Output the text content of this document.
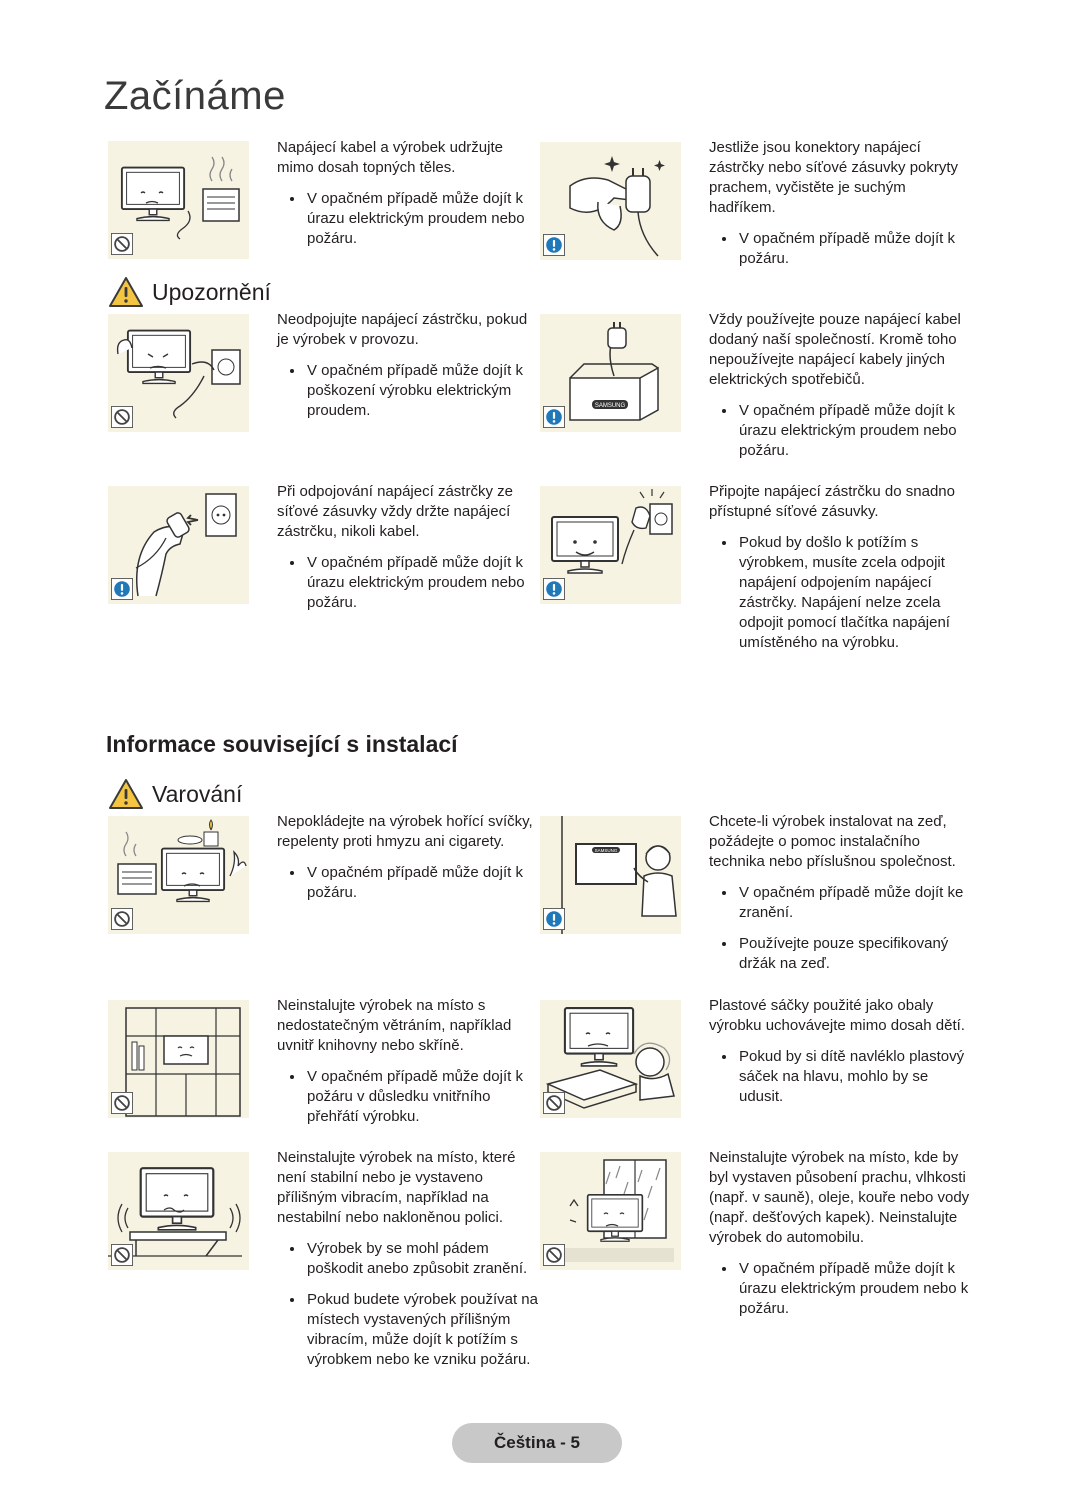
Začínáme

Napájecí kabel a výrobek udržujte mimo dosah topných těles.

• V opačném případě může dojít k úrazu elektrickým proudem nebo požáru.

Jestliže jsou konektory napájecí zástrčky nebo síťové zásuvky pokryty prachem, vyčistěte je suchým hadříkem.

• V opačném případě může dojít k požáru.
Upozornění

Neodpojujte napájecí zástrčku, pokud je výrobek v provozu.

• V opačném případě může dojít k poškození výrobku elektrickým proudem.	SAMSUNG

Vždy používejte pouze napájecí kabel dodaný naší společností. Kromě toho nepoužívejte napájecí kabely jiných elektrických spotřebičů.

• V opačném případě může dojít k úrazu elektrickým proudem nebo požáru.

Při odpojování napájecí zástrčky ze síťové zásuvky vždy držte napájecí zástrčku, nikoli kabel.

• V opačném případě může dojít k úrazu elektrickým proudem nebo požáru.

Připojte napájecí zástrčku do snadno přístupné síťové zásuvky.

• Pokud by došlo k potížím s výrobkem, musíte zcela odpojit napájení odpojením napájecí zástrčky. Napájení nelze zcela odpojit pomocí tlačítka napájení umístěného na výrobku.
Informace související s instalací
Varování

Nepokládejte na výrobek hořící svíčky, repelenty proti hmyzu ani cigarety.

• V opačném případě může dojít k požáru.
SAMSUNG

Chcete-li výrobek instalovat na zeď, požádejte o pomoc instalačního technika nebo příslušnou společnost.

• V opačném případě může dojít ke zranění.
• Používejte pouze specifikovaný držák na zeď.

Neinstalujte výrobek na místo s nedostatečným větráním, například uvnitř knihovny nebo skříně.

• V opačném případě může dojít k požáru v důsledku vnitřního přehřátí výrobku.

Plastové sáčky použité jako obaly výrobku uchovávejte mimo dosah dětí.

• Pokud by si dítě navléklo plastový sáček na hlavu, mohlo by se udusit.

Neinstalujte výrobek na místo, které není stabilní nebo je vystaveno přílišným vibracím, například na nestabilní nebo nakloněnou polici.

• Výrobek by se mohl pádem poškodit anebo způsobit zranění.
• Pokud budete výrobek používat na místech vystavených přílišným vibracím, může dojít k potížím s výrobkem nebo ke vzniku požáru.

Neinstalujte výrobek na místo, kde by byl vystaven působení prachu, vlhkosti (např. v sauně), oleje, kouře nebo vody (např. dešťových kapek). Neinstalujte výrobek do automobilu.

• V opačném případě může dojít k úrazu elektrickým proudem nebo k požáru.
Čeština - 5
